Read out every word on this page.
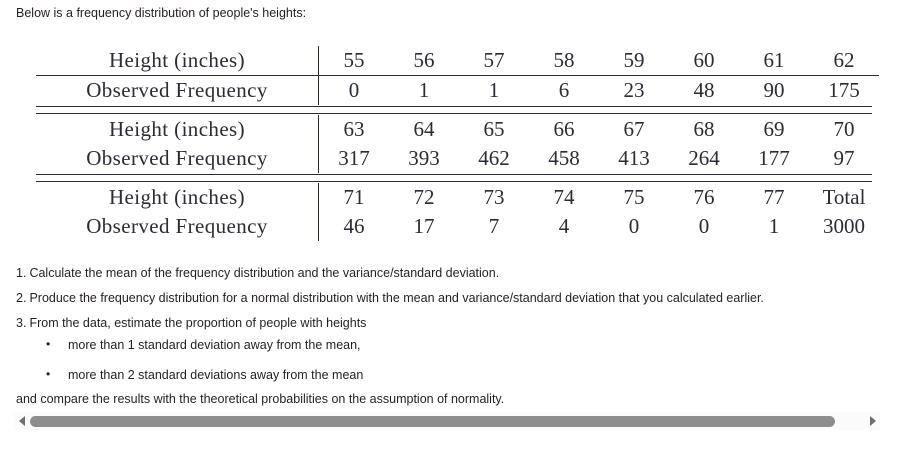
Below is a frequency distribution of people's heights:
Height (inches)	55	56	57	58	59	60	61	62
Observed Frequency	0	1	1	6	23	48	90	175
Height (inches)	63	64	65	66	67	68	69	70
Observed Frequency	317	393	462	458	413	264	177	97
Height (inches)	71	72	73	74	75	76	77	Total
Observed Frequency	46	17	7	4	0	0	1	3000
1. Calculate the mean of the frequency distribution and the variance/standard deviation.
2. Produce the frequency distribution for a normal distribution with the mean and variance/standard deviation that you calculated earlier.
3. From the data, estimate the proportion of people with heights
• more than 1 standard deviation away from the mean,
• more than 2 standard deviations away from the mean
and compare the results with the theoretical probabilities on the assumption of normality.
